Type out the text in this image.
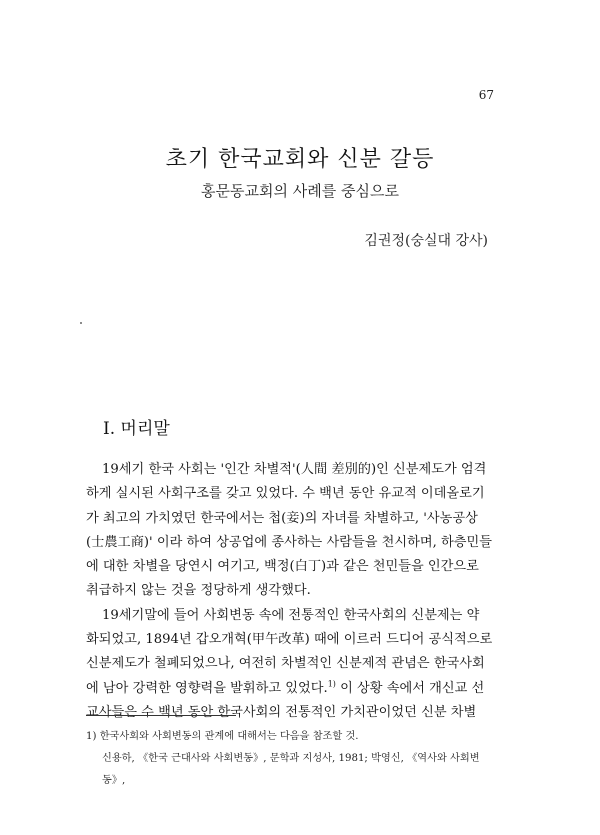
67
초기 한국교회와 신분 갈등
홍문동교회의 사례를 중심으로
김권정(숭실대 강사)
I. 머리말
19세기 한국 사회는 '인간 차별적'(人間 差別的)인 신분제도가 엄격
하게 실시된 사회구조를 갖고 있었다. 수 백년 동안 유교적 이데올로기
가 최고의 가치였던 한국에서는 첩(妾)의 자녀를 차별하고, '사농공상
(士農工商)' 이라 하여 상공업에 종사하는 사람들을 천시하며, 하층민들
에 대한 차별을 당연시 여기고, 백정(白丁)과 같은 천민들을 인간으로
취급하지 않는 것을 정당하게 생각했다.
19세기말에 들어 사회변동 속에 전통적인 한국사회의 신분제는 약
화되었고, 1894년 갑오개혁(甲午改革) 때에 이르러 드디어 공식적으로
신분제도가 철폐되었으나, 여전히 차별적인 신분제적 관념은 한국사회
에 남아 강력한 영향력을 발휘하고 있었다.$^{1)}$ 이 상황 속에서 개신교 선
교사들은 수 백년 동안 한국사회의 전통적인 가치관이었던 신분 차별
1) 한국사회와 사회변동의 관계에 대해서는 다음을 참조할 것.
신용하, 《한국 근대사와 사회변동》, 문학과 지성사, 1981; 박영신, 《역사와 사회변동》,
